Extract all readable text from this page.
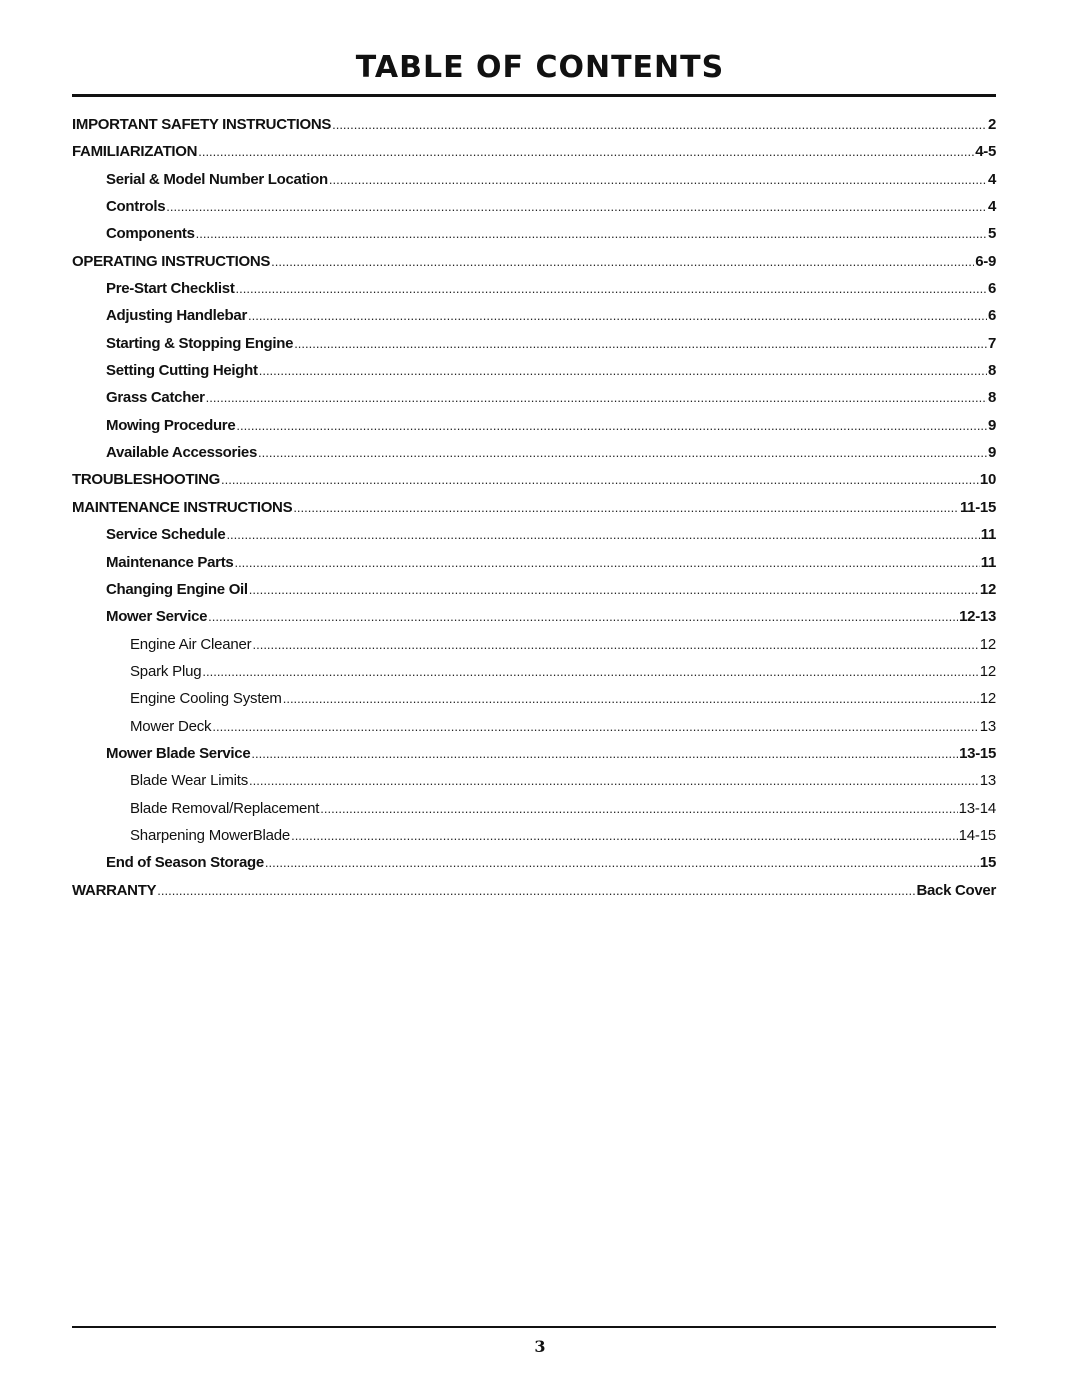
TABLE OF CONTENTS
IMPORTANT SAFETY INSTRUCTIONS .....	2
FAMILIARIZATION .....	4-5
Serial & Model Number Location .....	4
Controls .....	4
Components .....	5
OPERATING INSTRUCTIONS .....	6-9
Pre-Start Checklist .....	6
Adjusting Handlebar .....	6
Starting & Stopping Engine .....	7
Setting Cutting Height .....	8
Grass Catcher .....	8
Mowing Procedure .....	9
Available Accessories .....	9
TROUBLESHOOTING .....	10
MAINTENANCE INSTRUCTIONS .....	11-15
Service Schedule .....	11
Maintenance Parts .....	11
Changing Engine Oil .....	12
Mower Service .....	12-13
Engine Air Cleaner .....	12
Spark Plug .....	12
Engine Cooling System .....	12
Mower Deck .....	13
Mower Blade Service .....	13-15
Blade Wear Limits .....	13
Blade Removal/Replacement .....	13-14
Sharpening MowerBlade .....	14-15
End of Season Storage .....	15
WARRANTY .....	Back Cover
3
